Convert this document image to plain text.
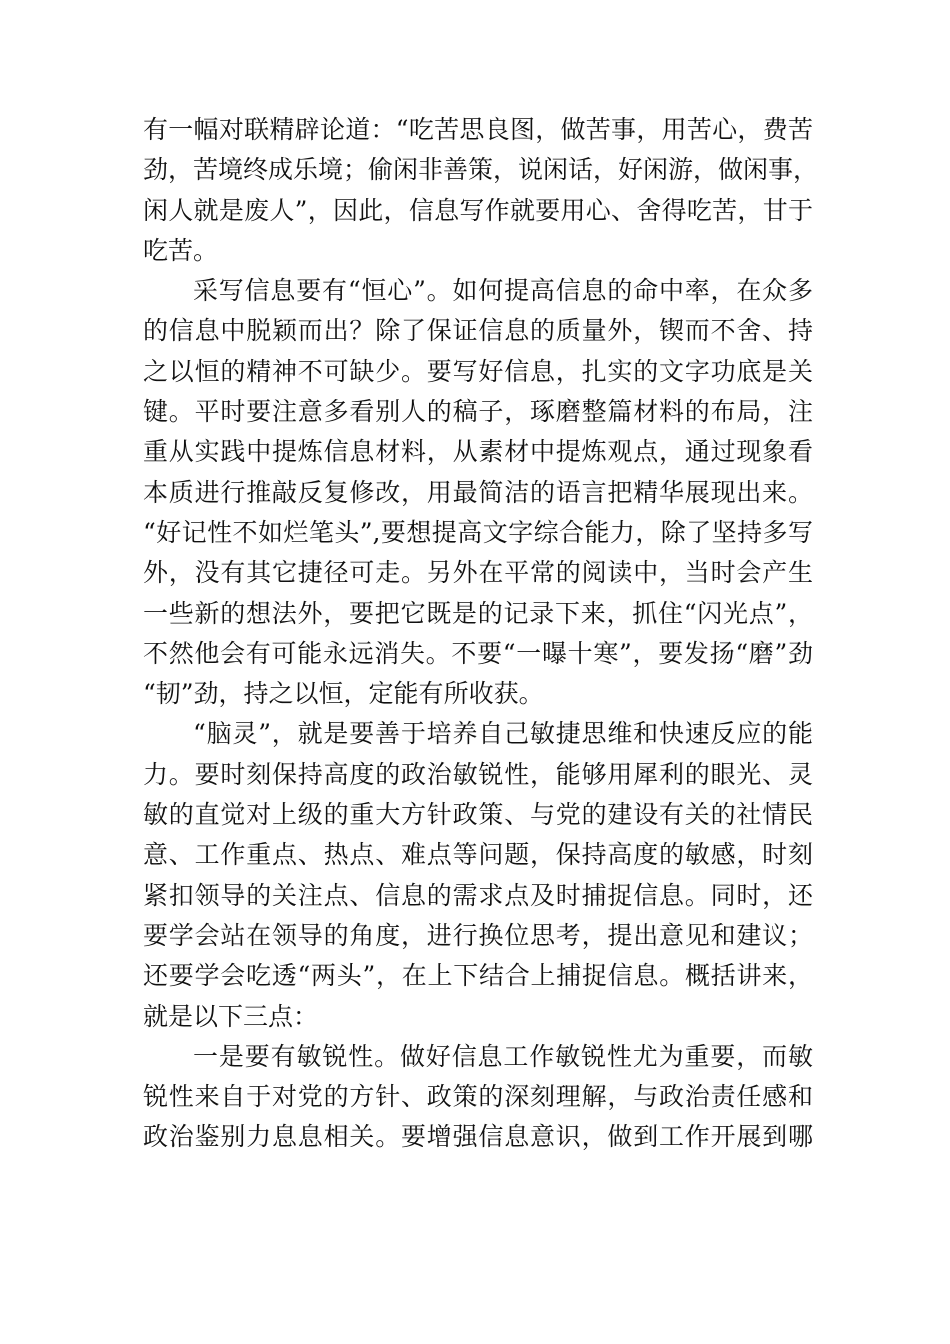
有一幅对联精辟论道：“吃苦思良图，做苦事，用苦心，费苦
劲，苦境终成乐境；偷闲非善策，说闲话，好闲游，做闲事，
闲人就是废人”，因此，信息写作就要用心、舍得吃苦，甘于
吃苦。
采写信息要有“恒心”。如何提高信息的命中率，在众多
的信息中脱颖而出？除了保证信息的质量外，锲而不舍、持
之以恒的精神不可缺少。要写好信息，扎实的文字功底是关
键。平时要注意多看别人的稿子，琢磨整篇材料的布局，注
重从实践中提炼信息材料，从素材中提炼观点，通过现象看
本质进行推敲反复修改，用最简洁的语言把精华展现出来。
“好记性不如烂笔头”,要想提高文字综合能力，除了坚持多写
外，没有其它捷径可走。另外在平常的阅读中，当时会产生
一些新的想法外，要把它既是的记录下来，抓住“闪光点”，
不然他会有可能永远消失。不要“一曝十寒”，要发扬“磨”劲
“韧”劲，持之以恒，定能有所收获。
“脑灵”，就是要善于培养自己敏捷思维和快速反应的能
力。要时刻保持高度的政治敏锐性，能够用犀利的眼光、灵
敏的直觉对上级的重大方针政策、与党的建设有关的社情民
意、工作重点、热点、难点等问题，保持高度的敏感，时刻
紧扣领导的关注点、信息的需求点及时捕捉信息。同时，还
要学会站在领导的角度，进行换位思考，提出意见和建议；
还要学会吃透“两头”，在上下结合上捕捉信息。概括讲来，
就是以下三点：
一是要有敏锐性。做好信息工作敏锐性尤为重要，而敏
锐性来自于对党的方针、政策的深刻理解，与政治责任感和
政治鉴别力息息相关。要增强信息意识，做到工作开展到哪
